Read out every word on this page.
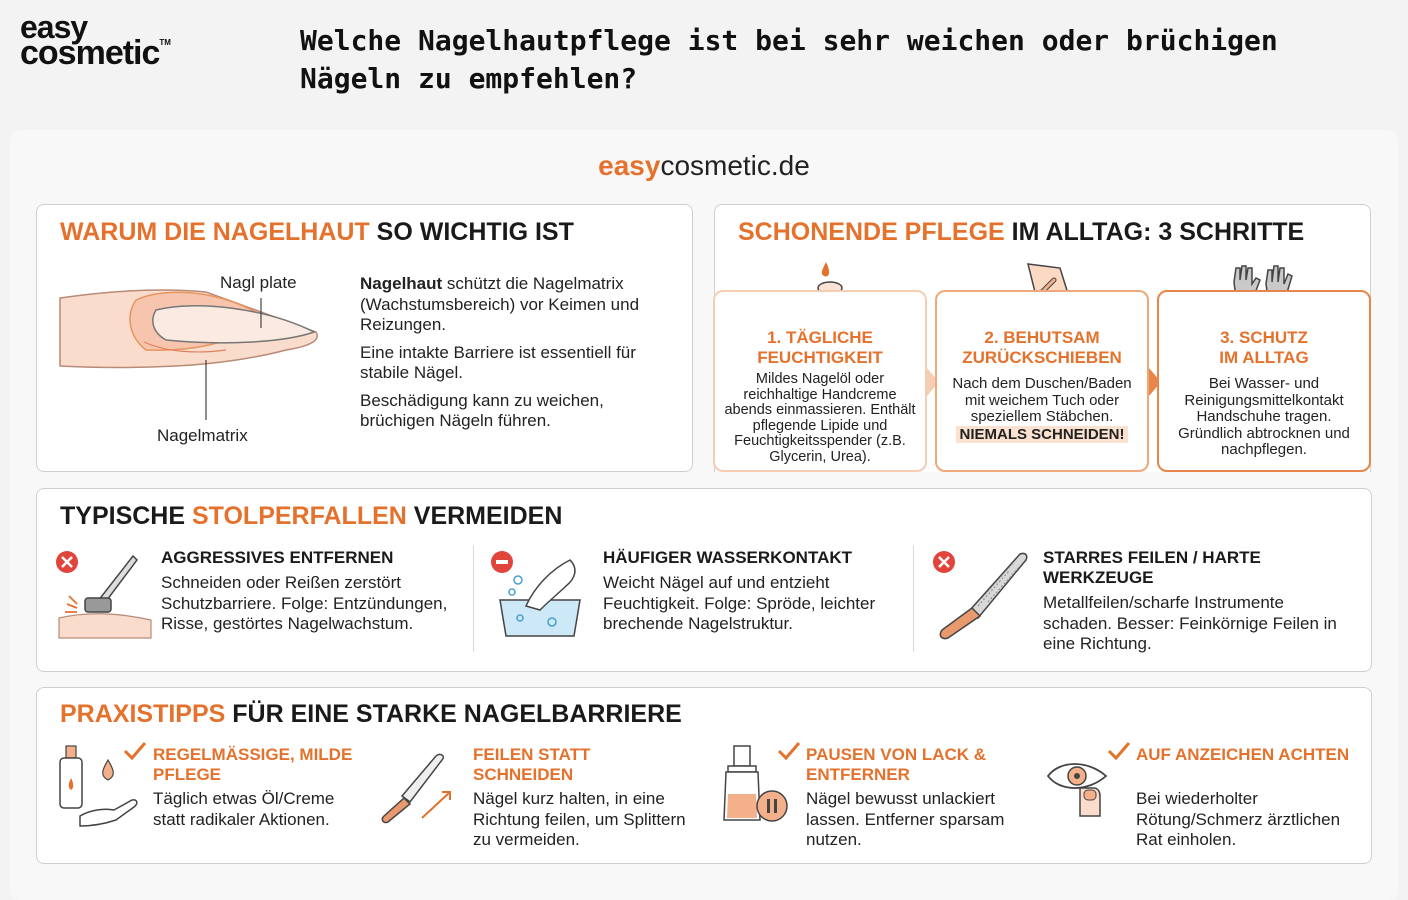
easy
cosmetic™	Welche Nagelhautpflege ist bei sehr weichen oder brüchigen Nägeln zu empfehlen?
easycosmetic.de
WARUM DIE NAGELHAUT SO WICHTIG IST
Nagl plate
Nagelmatrix
Nagelhaut schützt die Nagelmatrix (Wachstumsbereich) vor Keimen und Reizungen.
Eine intakte Barriere ist essentiell für stabile Nägel.
Beschädigung kann zu weichen, brüchigen Nägeln führen.
SCHONENDE PFLEGE IM ALLTAG: 3 SCHRITTE
1. TÄGLICHE
FEUCHTIGKEIT
Mildes Nagelöl oder reichhaltige Handcreme abends einmassieren. Enthält pflegende Lipide und Feuchtigkeitsspender (z.B. Glycerin, Urea).
2. BEHUTSAM
ZURÜCKSCHIEBEN
Nach dem Duschen/Baden mit weichem Tuch oder speziellem Stäbchen.
NIEMALS SCHNEIDEN!
3. SCHUTZ
IM ALLTAG
Bei Wasser- und Reinigungsmittelkontakt Handschuhe tragen. Gründlich abtrocknen und nachpflegen.
TYPISCHE STOLPERFALLEN VERMEIDEN
AGGRESSIVES ENTFERNEN
Schneiden oder Reißen zerstört Schutzbarriere. Folge: Entzündungen, Risse, gestörtes Nagelwachstum.
HÄUFIGER WASSERKONTAKT
Weicht Nägel auf und entzieht Feuchtigkeit. Folge: Spröde, leichter brechende Nagelstruktur.
STARRES FEILEN / HARTE WERKZEUGE
Metallfeilen/scharfe Instrumente schaden. Besser: Feinkörnige Feilen in eine Richtung.
PRAXISTIPPS FÜR EINE STARKE NAGELBARRIERE
REGELMÄSSIGE, MILDE PFLEGE
Täglich etwas Öl/Creme statt radikaler Aktionen.
FEILEN STATT SCHNEIDEN
Nägel kurz halten, in eine Richtung feilen, um Splittern zu vermeiden.
PAUSEN VON LACK & ENTFERNER
Nägel bewusst unlackiert lassen. Entferner sparsam nutzen.
AUF ANZEICHEN ACHTEN
Bei wiederholter Rötung/Schmerz ärztlichen Rat einholen.
